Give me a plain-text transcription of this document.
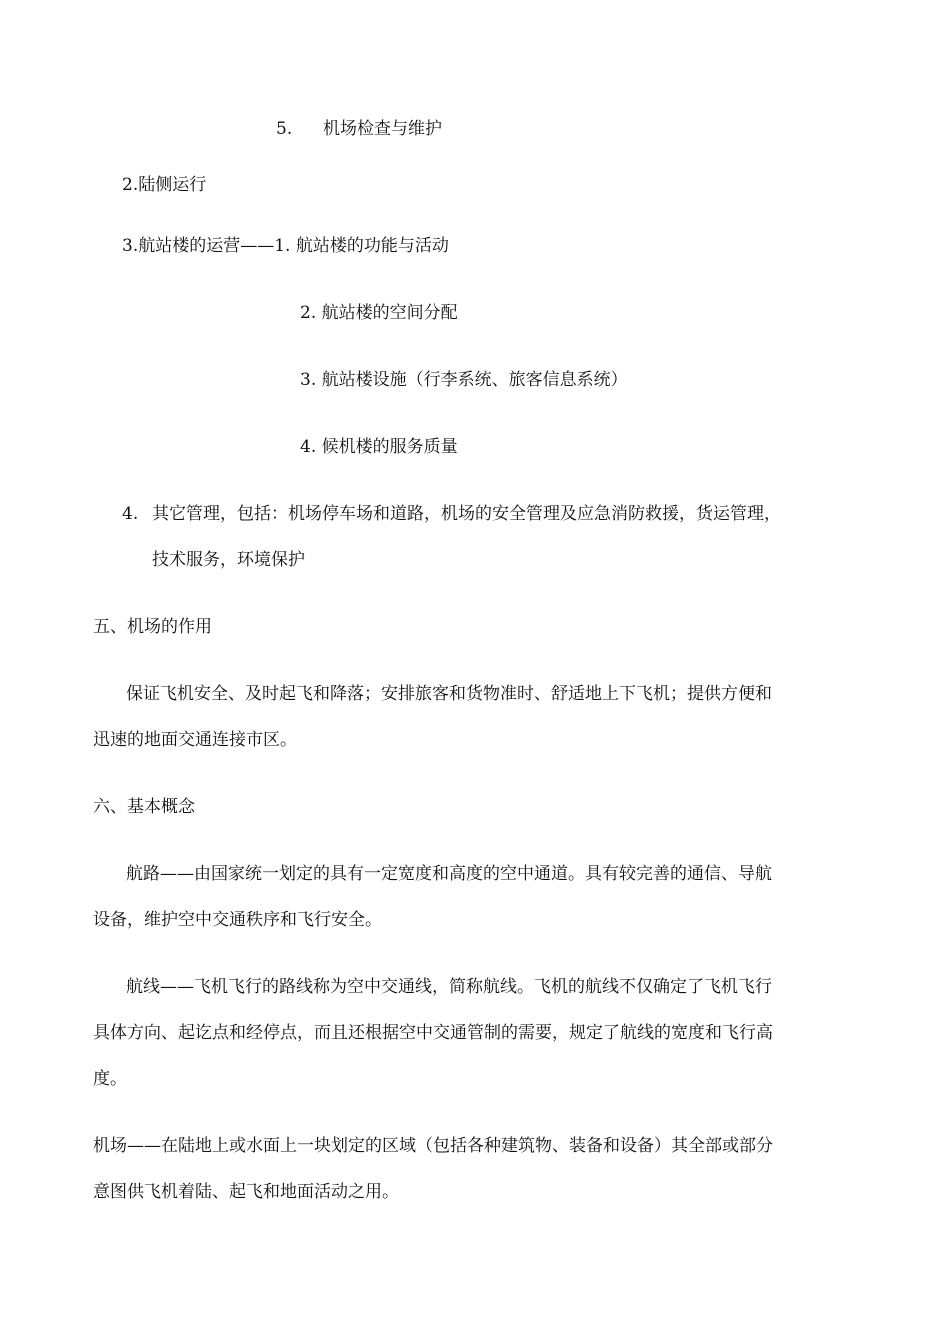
5. 机场检查与维护
2.陆侧运行
3.航站楼的运营——1. 航站楼的功能与活动
2. 航站楼的空间分配
3. 航站楼设施（行李系统、旅客信息系统）
4. 候机楼的服务质量
4. 其它管理，包括：机场停车场和道路，机场的安全管理及应急消防救援，货运管理，
技术服务，环境保护
五、机场的作用
保证飞机安全、及时起飞和降落；安排旅客和货物准时、舒适地上下飞机；提供方便和
迅速的地面交通连接市区。
六、基本概念
航路——由国家统一划定的具有一定宽度和高度的空中通道。具有较完善的通信、导航
设备，维护空中交通秩序和飞行安全。
航线——飞机飞行的路线称为空中交通线，简称航线。飞机的航线不仅确定了飞机飞行
具体方向、起讫点和经停点，而且还根据空中交通管制的需要，规定了航线的宽度和飞行高
度。
机场——在陆地上或水面上一块划定的区域（包括各种建筑物、装备和设备）其全部或部分
意图供飞机着陆、起飞和地面活动之用。
